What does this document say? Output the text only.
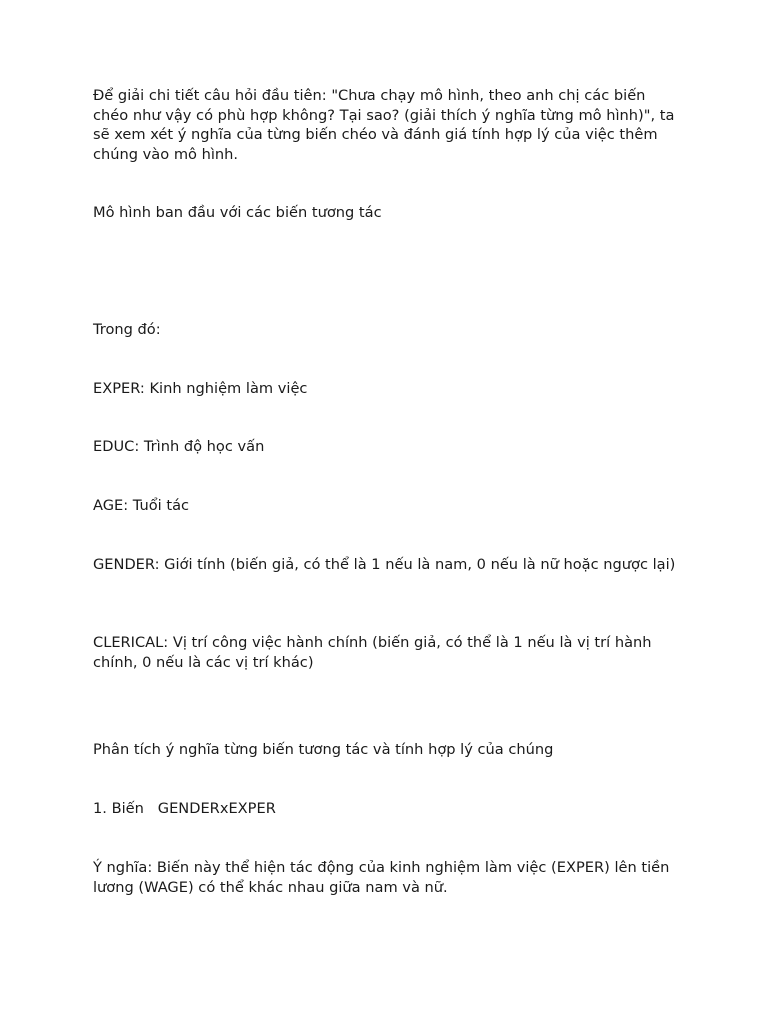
Để giải chi tiết câu hỏi đầu tiên: "Chưa chạy mô hình, theo anh chị các biến chéo như vậy có phù hợp không? Tại sao? (giải thích ý nghĩa từng mô hình)", ta sẽ xem xét ý nghĩa của từng biến chéo và đánh giá tính hợp lý của việc thêm chúng vào mô hình.

Mô hình ban đầu với các biến tương tác

Trong đó:

EXPER: Kinh nghiệm làm việc

EDUC: Trình độ học vấn

AGE: Tuổi tác

GENDER: Giới tính (biến giả, có thể là 1 nếu là nam, 0 nếu là nữ hoặc ngược lại)

CLERICAL: Vị trí công việc hành chính (biến giả, có thể là 1 nếu là vị trí hành chính, 0 nếu là các vị trí khác)

Phân tích ý nghĩa từng biến tương tác và tính hợp lý của chúng

1. Biến   GENDERxEXPER

Ý nghĩa: Biến này thể hiện tác động của kinh nghiệm làm việc (EXPER) lên tiền lương (WAGE) có thể khác nhau giữa nam và nữ.
